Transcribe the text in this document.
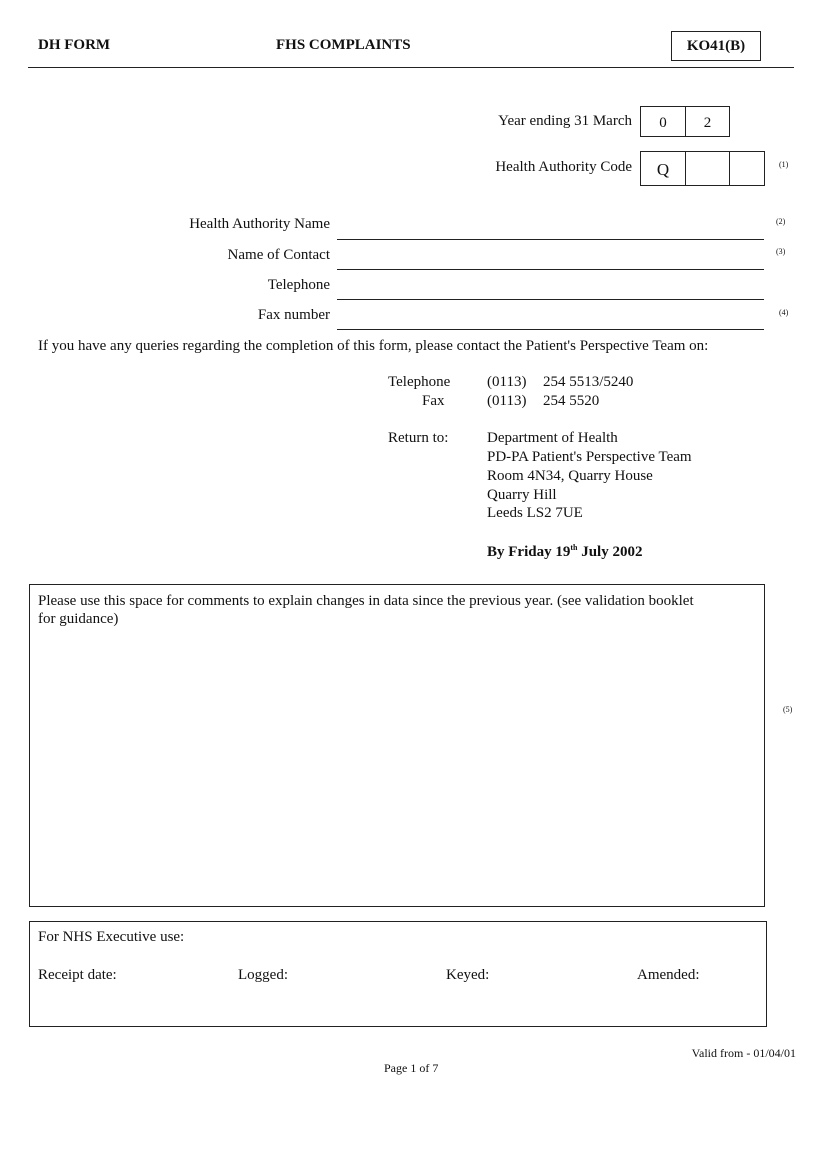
DH FORM	FHS COMPLAINTS	KO41(B)
Year ending 31 March	0	2
Health Authority Code	Q	(1)
Health Authority Name
Name of Contact
Telephone
Fax number
(2)
(3)
(4)
If you have any queries regarding the completion of this form, please contact the Patient's Perspective Team on:
Telephone (0113) 254 5513/5240
Fax	(0113) 254 5520
Return to:	Department of Health
PD-PA Patient's Perspective Team
Room 4N34, Quarry House
Quarry Hill
Leeds LS2 7UE
By Friday 19th July 2002
Please use this space for comments to explain changes in data since the previous year. (see validation booklet
for guidance)
(5)
For NHS Executive use:
Receipt date:	Logged:	Keyed:	Amended:
Valid from - 01/04/01
Page 1 of 7
